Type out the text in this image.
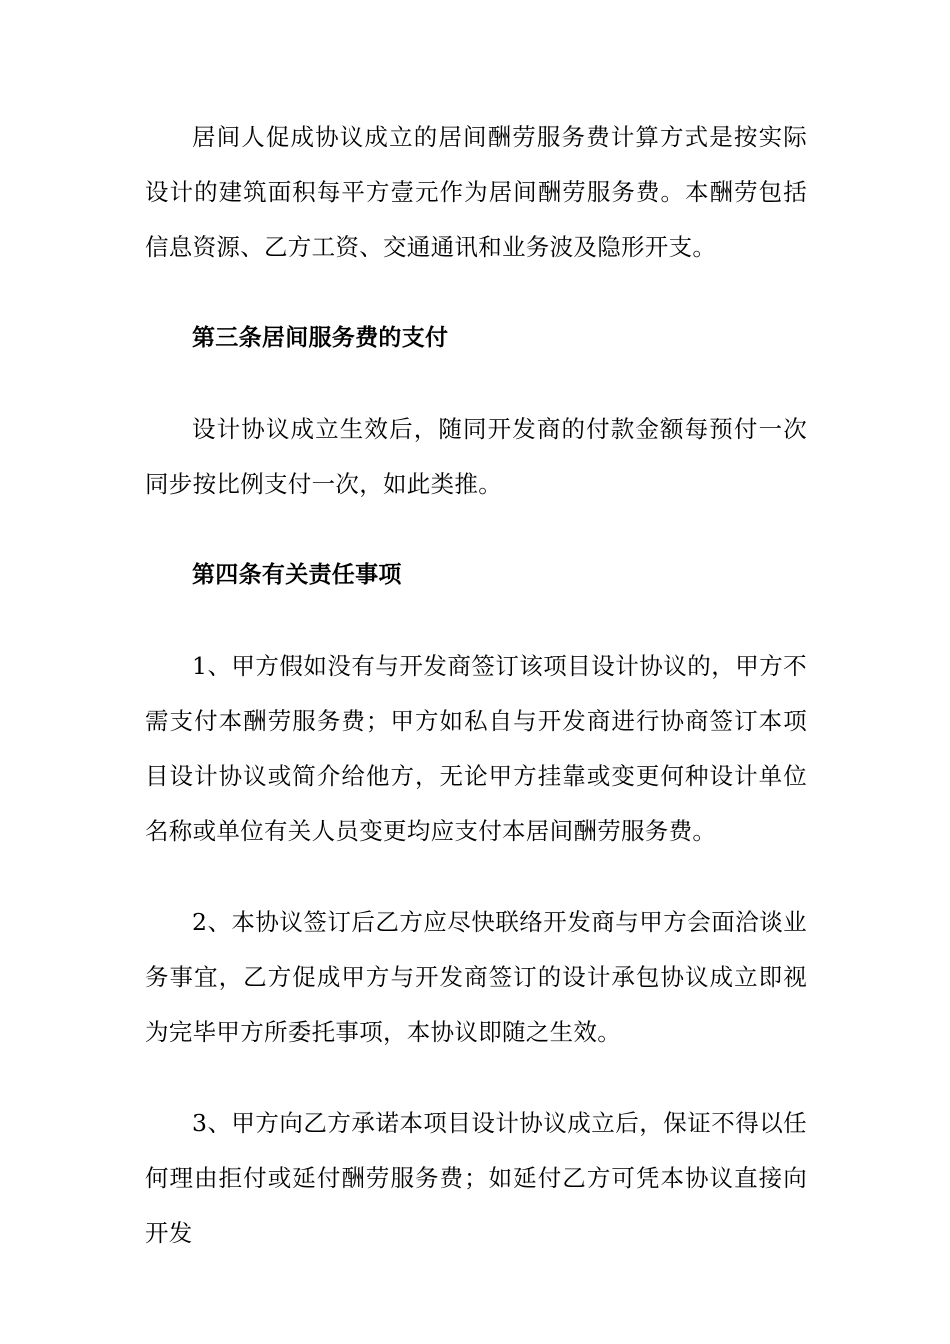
居间人促成协议成立的居间酬劳服务费计算方式是按实际设计的建筑面积每平方壹元作为居间酬劳服务费。本酬劳包括信息资源、乙方工资、交通通讯和业务波及隐形开支。

第三条居间服务费的支付

设计协议成立生效后，随同开发商的付款金额每预付一次同步按比例支付一次，如此类推。

第四条有关责任事项

1、甲方假如没有与开发商签订该项目设计协议的，甲方不需支付本酬劳服务费；甲方如私自与开发商进行协商签订本项目设计协议或简介给他方，无论甲方挂靠或变更何种设计单位名称或单位有关人员变更均应支付本居间酬劳服务费。

2、本协议签订后乙方应尽快联络开发商与甲方会面洽谈业务事宜，乙方促成甲方与开发商签订的设计承包协议成立即视为完毕甲方所委托事项，本协议即随之生效。

3、甲方向乙方承诺本项目设计协议成立后，保证不得以任何理由拒付或延付酬劳服务费；如延付乙方可凭本协议直接向开发
